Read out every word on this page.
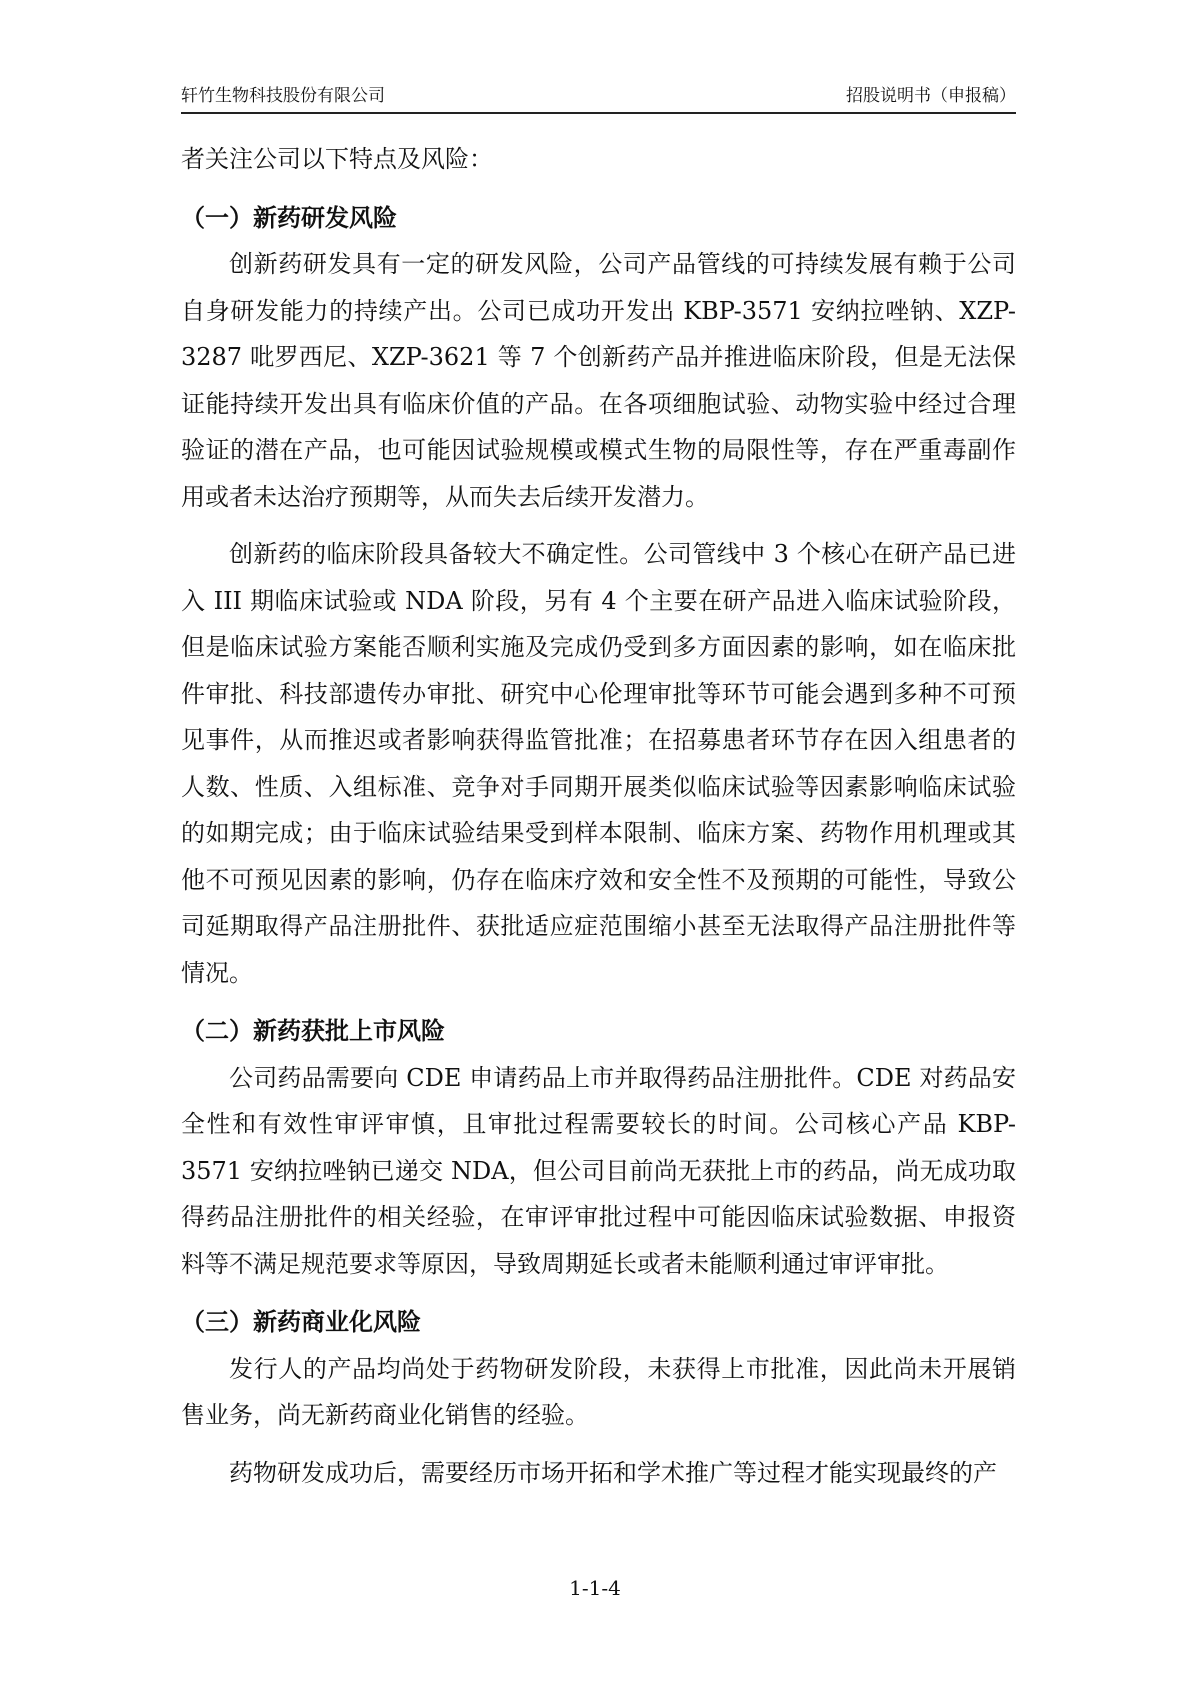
轩竹生物科技股份有限公司	招股说明书（申报稿）

者关注公司以下特点及风险：

（一）新药研发风险

创新药研发具有一定的研发风险，公司产品管线的可持续发展有赖于公司自身研发能力的持续产出。公司已成功开发出 KBP-3571 安纳拉唑钠、XZP-3287 吡罗西尼、XZP-3621 等 7 个创新药产品并推进临床阶段，但是无法保证能持续开发出具有临床价值的产品。在各项细胞试验、动物实验中经过合理验证的潜在产品，也可能因试验规模或模式生物的局限性等，存在严重毒副作用或者未达治疗预期等，从而失去后续开发潜力。

创新药的临床阶段具备较大不确定性。公司管线中 3 个核心在研产品已进入 III 期临床试验或 NDA 阶段，另有 4 个主要在研产品进入临床试验阶段，但是临床试验方案能否顺利实施及完成仍受到多方面因素的影响，如在临床批件审批、科技部遗传办审批、研究中心伦理审批等环节可能会遇到多种不可预见事件，从而推迟或者影响获得监管批准；在招募患者环节存在因入组患者的人数、性质、入组标准、竞争对手同期开展类似临床试验等因素影响临床试验的如期完成；由于临床试验结果受到样本限制、临床方案、药物作用机理或其他不可预见因素的影响，仍存在临床疗效和安全性不及预期的可能性，导致公司延期取得产品注册批件、获批适应症范围缩小甚至无法取得产品注册批件等情况。

（二）新药获批上市风险

公司药品需要向 CDE 申请药品上市并取得药品注册批件。CDE 对药品安全性和有效性审评审慎，且审批过程需要较长的时间。公司核心产品 KBP-3571 安纳拉唑钠已递交 NDA，但公司目前尚无获批上市的药品，尚无成功取得药品注册批件的相关经验，在审评审批过程中可能因临床试验数据、申报资料等不满足规范要求等原因，导致周期延长或者未能顺利通过审评审批。

（三）新药商业化风险

发行人的产品均尚处于药物研发阶段，未获得上市批准，因此尚未开展销售业务，尚无新药商业化销售的经验。

药物研发成功后，需要经历市场开拓和学术推广等过程才能实现最终的产

1-1-4
